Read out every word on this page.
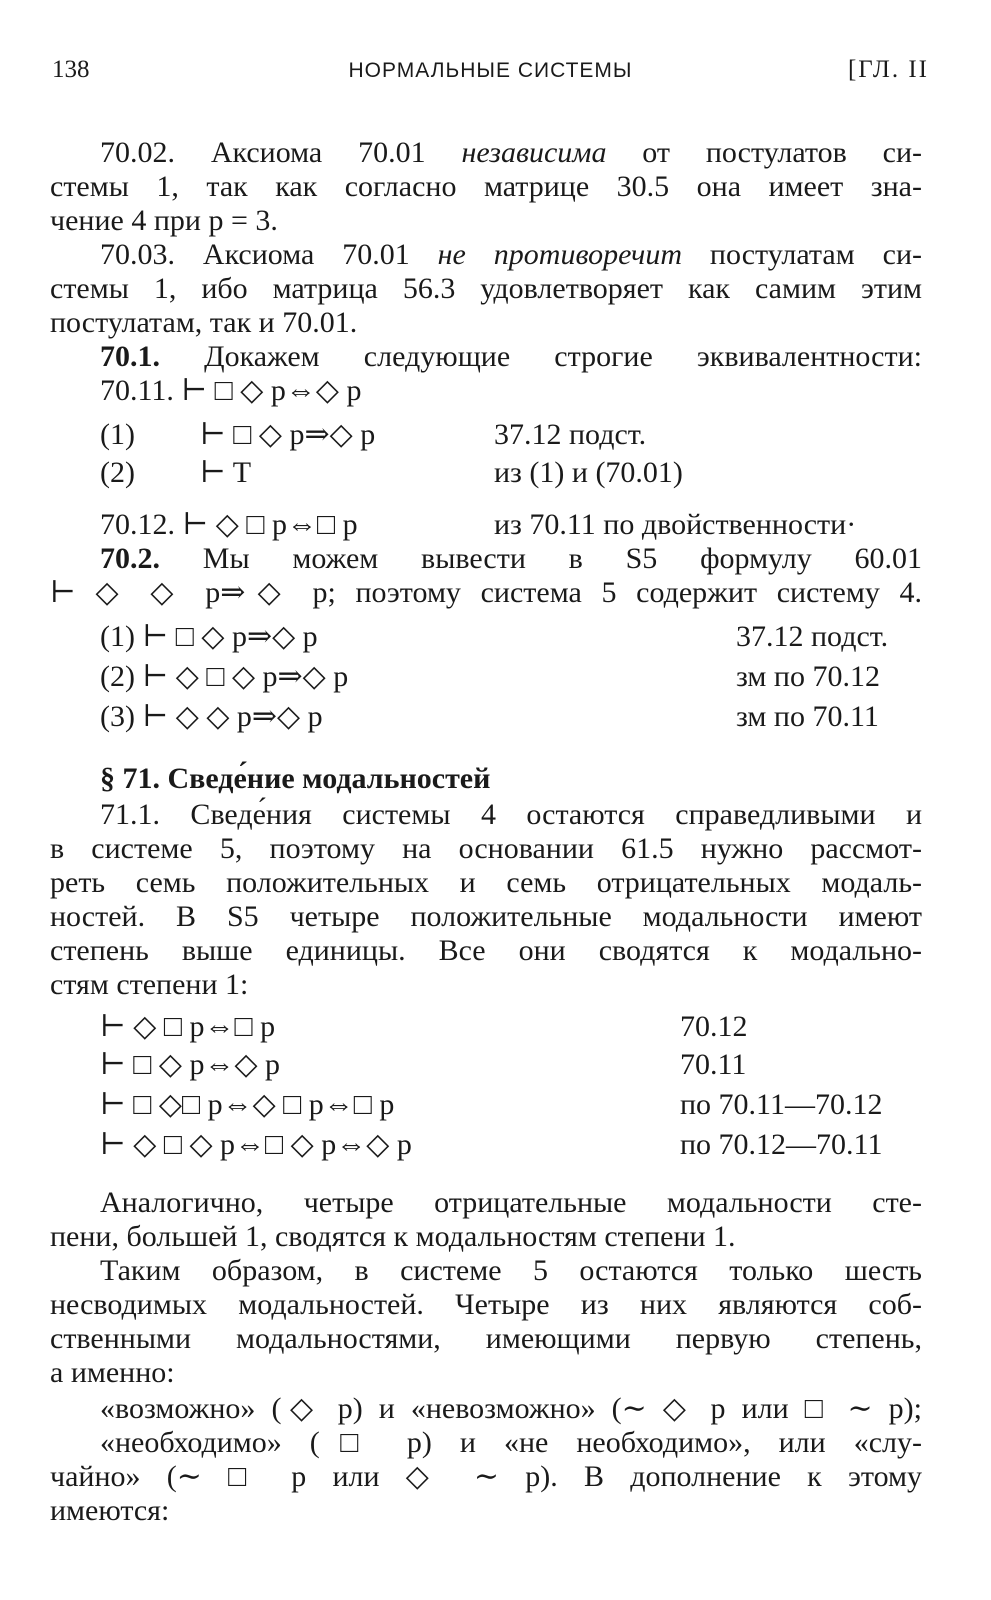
138	НОРМАЛЬНЫЕ СИСТЕМЫ	[ГЛ. II
70.02. Аксиома 70.01 независима от постулатов си-
стемы 1, так как согласно матрице 30.5 она имеет зна-
чение 4 при p = 3.
70.03. Аксиома 70.01 не противоречит постулатам си-
стемы 1, ибо матрица 56.3 удовлетворяет как самим этим
постулатам, так и 70.01.
70.1. Докажем следующие строгие эквивалентности:
70.11. ⊢ □ ◇ p⇔◇ p
(1) ⊢ □ ◇ p⇒◇ p	37.12 подст.
(2) ⊢ T	из (1) и (70.01)
70.12. ⊢ ◇ □ p⇔□ p	из 70.11 по двойственности·
70.2. Мы можем вывести в S5 формулу 60.01
⊢ ◇ ◇ p⇒◇ p; поэтому система 5 содержит систему 4.
(1) ⊢ □ ◇ p⇒◇ p	37.12 подст.
(2) ⊢ ◇ □ ◇ p⇒◇ p	зм по 70.12
(3) ⊢ ◇ ◇ p⇒◇ p	зм по 70.11
§ 71. Сведе́ние модальностей
71.1. Сведе́ния системы 4 остаются справедливыми и
в системе 5, поэтому на основании 61.5 нужно рассмот-
реть семь положительных и семь отрицательных модаль-
ностей. В S5 четыре положительные модальности имеют
степень выше единицы. Все они сводятся к модально-
стям степени 1:
⊢ ◇ □ p⇔□ p	70.12
⊢ □ ◇ p⇔◇ p	70.11
⊢ □ ◇□ p⇔◇ □ p⇔□ p	по 70.11—70.12
⊢ ◇ □ ◇ p⇔□ ◇ p⇔◇ p	по 70.12—70.11
Аналогично, четыре отрицательные модальности сте-
пени, большей 1, сводятся к модальностям степени 1.
Таким образом, в системе 5 остаются только шесть
несводимых модальностей. Четыре из них являются соб-
ственными модальностями, имеющими первую степень,
а именно:
«возможно» (◇ p) и «невозможно» (∼ ◇ p или □ ∼ p);
«необходимо» (□ p) и «не необходимо», или «слу-
чайно» (∼ □ p или ◇ ∼ p). В дополнение к этому
имеются:
